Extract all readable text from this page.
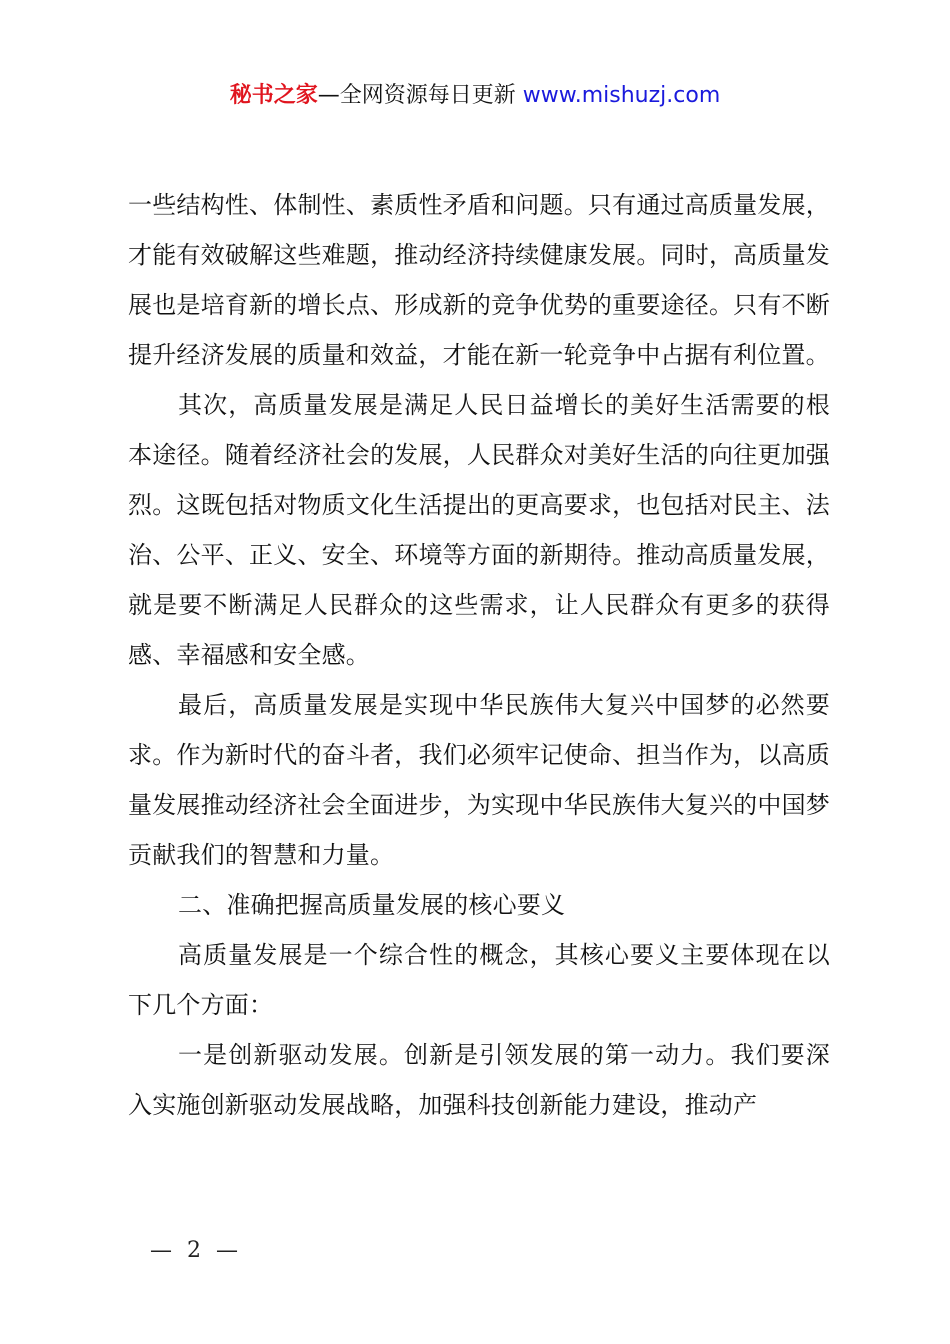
秘书之家—全网资源每日更新 www.mishuzj.com

一些结构性、体制性、素质性矛盾和问题。只有通过高质量发展，才能有效破解这些难题，推动经济持续健康发展。同时，高质量发展也是培育新的增长点、形成新的竞争优势的重要途径。只有不断提升经济发展的质量和效益，才能在新一轮竞争中占据有利位置。

其次，高质量发展是满足人民日益增长的美好生活需要的根本途径。随着经济社会的发展，人民群众对美好生活的向往更加强烈。这既包括对物质文化生活提出的更高要求，也包括对民主、法治、公平、正义、安全、环境等方面的新期待。推动高质量发展，就是要不断满足人民群众的这些需求，让人民群众有更多的获得感、幸福感和安全感。

最后，高质量发展是实现中华民族伟大复兴中国梦的必然要求。作为新时代的奋斗者，我们必须牢记使命、担当作为，以高质量发展推动经济社会全面进步，为实现中华民族伟大复兴的中国梦贡献我们的智慧和力量。

二、准确把握高质量发展的核心要义

高质量发展是一个综合性的概念，其核心要义主要体现在以下几个方面：

一是创新驱动发展。创新是引领发展的第一动力。我们要深入实施创新驱动发展战略，加强科技创新能力建设，推动产

— 2 —
